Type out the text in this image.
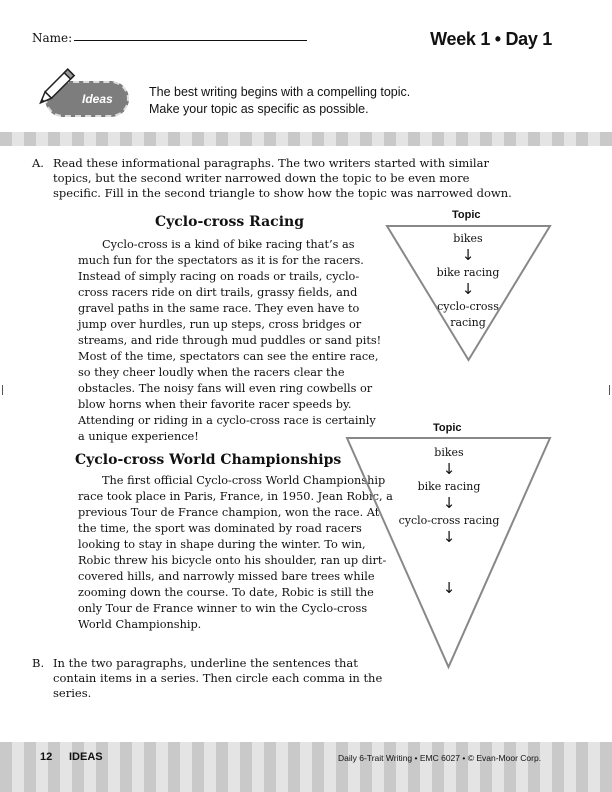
Name:	Week 1 • Day 1
Ideas	The best writing begins with a compelling topic.
Make your topic as specific as possible.
A. Read these informational paragraphs. The two writers started with similar topics, but the second writer narrowed down the topic to be even more specific. Fill in the second triangle to show how the topic was narrowed down.
Cyclo-cross Racing
Cyclo-cross is a kind of bike racing that’s as much fun for the spectators as it is for the racers. Instead of simply racing on roads or trails, cyclo-cross racers ride on dirt trails, grassy fields, and gravel paths in the same race. They even have to jump over hurdles, run up steps, cross bridges or streams, and ride through mud puddles or sand pits! Most of the time, spectators can see the entire race, so they cheer loudly when the racers clear the obstacles. The noisy fans will even ring cowbells or blow horns when their favorite racer speeds by. Attending or riding in a cyclo-cross race is certainly a unique experience!
Topic
bikes
↓
bike racing
↓
cyclo-cross
racing
Cyclo-cross World Championships
The first official Cyclo-cross World Championship race took place in Paris, France, in 1950. Jean Robic, a previous Tour de France champion, won the race. At the time, the sport was dominated by road racers looking to stay in shape during the winter. To win, Robic threw his bicycle onto his shoulder, ran up dirt-covered hills, and narrowly missed bare trees while zooming down the course. To date, Robic is still the only Tour de France winner to win the Cyclo-cross World Championship.
Topic
bikes
↓
bike racing
↓
cyclo-cross racing
↓
↓
B. In the two paragraphs, underline the sentences that contain items in a series. Then circle each comma in the series.
12 IDEAS	Daily 6-Trait Writing • EMC 6027 • © Evan-Moor Corp.
